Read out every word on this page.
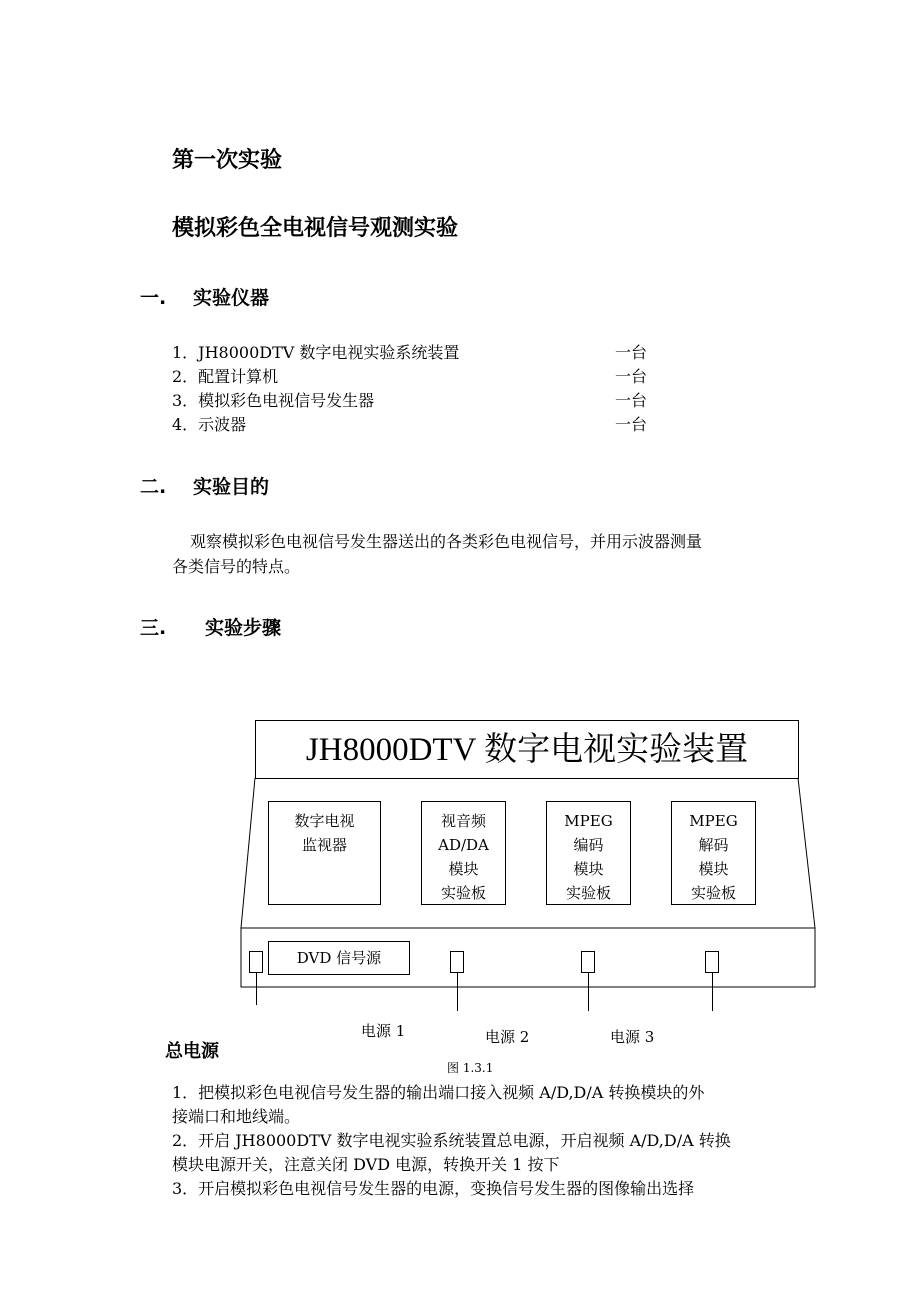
第一次实验
模拟彩色全电视信号观测实验
一. 实验仪器
1．JH8000DTV 数字电视实验系统装置	一台
2．配置计算机	一台
3．模拟彩色电视信号发生器	一台
4．示波器	一台
二. 实验目的
观察模拟彩色电视信号发生器送出的各类彩色电视信号，并用示波器测量
各类信号的特点。
三. 实验步骤
JH8000DTV 数字电视实验装置
数字电视
监视器
视音频
AD/DA
模块
实验板
MPEG
编码
模块
实验板
MPEG
解码
模块
实验板
DVD 信号源
电源 1	电源 2	电源 3
总电源
图 1.3.1
1．把模拟彩色电视信号发生器的输出端口接入视频 A/D,D/A 转换模块的外
接端口和地线端。
2．开启 JH8000DTV 数字电视实验系统装置总电源，开启视频 A/D,D/A 转换
模块电源开关，注意关闭 DVD 电源，转换开关 1 按下
3．开启模拟彩色电视信号发生器的电源，变换信号发生器的图像输出选择
